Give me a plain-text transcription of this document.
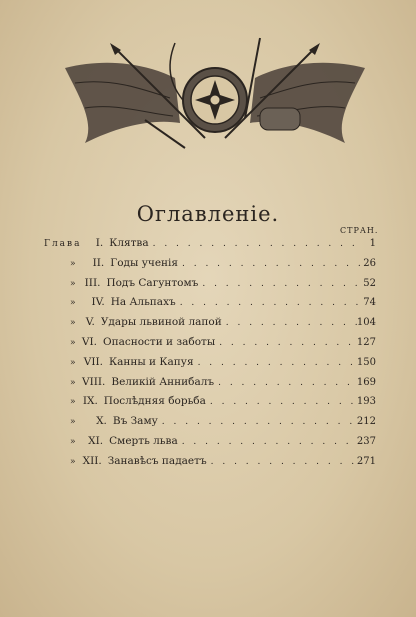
Оглавленіе.
СТРАН.
Глава	I. Клятва . . .	1
»	II. Годы ученія . . .	26
» III. Подъ Сагунтомъ . . .	52
»	IV. На Альпахъ . . .	74
» V. Удары львиной лапой . . .	104
» VI. Опасности и заботы . . .	127
» VII. Канны и Капуя . . .	150
» VIII. Великій Аннибалъ . . .	169
» IX. Послѣдняя борьба . . .	193
»	X. Въ Заму . . .	212
»	XI. Смерть льва . . .	237
» XII. Занавѣсъ падаетъ . . .	271
